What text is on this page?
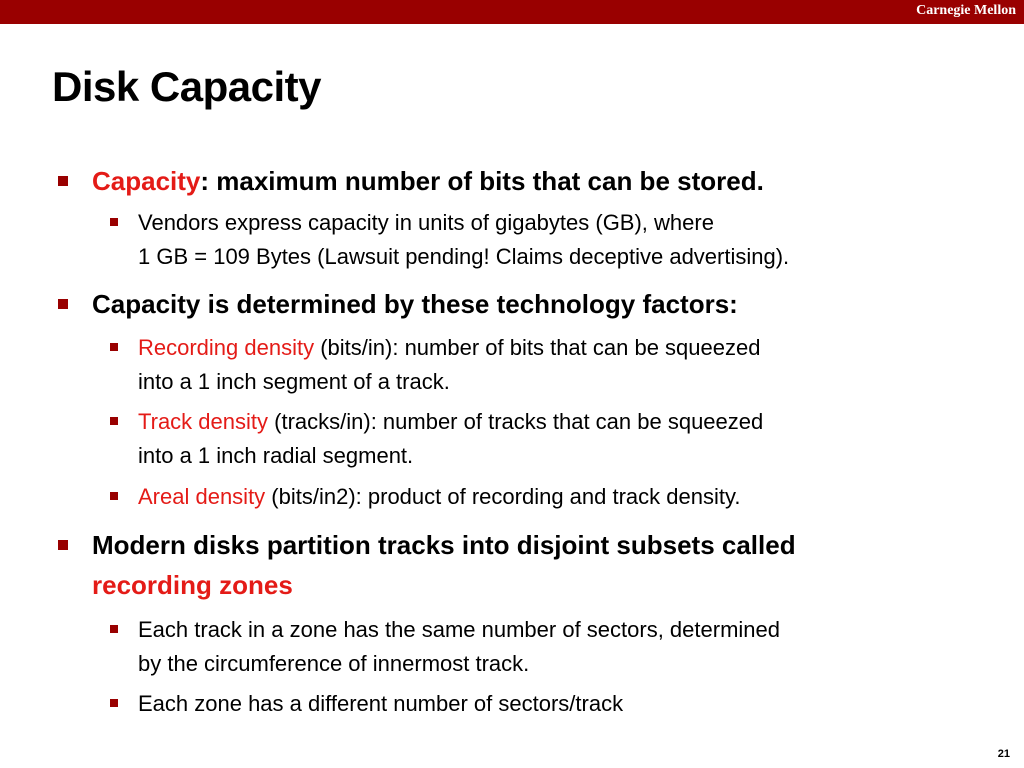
Carnegie Mellon
Disk Capacity
Capacity: maximum number of bits that can be stored.
Vendors express capacity in units of gigabytes (GB), where
1 GB = 109 Bytes (Lawsuit pending! Claims deceptive advertising).
Capacity is determined by these technology factors:
Recording density (bits/in): number of bits that can be squeezed
into a 1 inch segment of a track.
Track density (tracks/in): number of tracks that can be squeezed
into a 1 inch radial segment.
Areal density (bits/in2): product of recording and track density.
Modern disks partition tracks into disjoint subsets called
recording zones
Each track in a zone has the same number of sectors, determined
by the circumference of innermost track.
Each zone has a different number of sectors/track
21
